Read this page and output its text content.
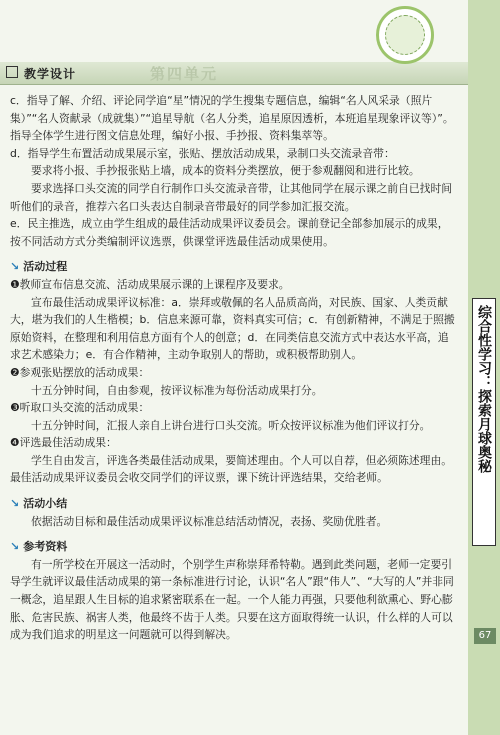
教学设计	第四单元

c．指导了解、介绍、评论同学追“星”情况的学生搜集专题信息，编辑“名人风采录（照片集）”“名人资献录（成就集）”“追星导航（名人分类，追星原因透析，本班追星现象评议等）”。指导全体学生进行图文信息处理，编好小报、手抄报、资料集萃等。

d．指导学生布置活动成果展示室，张贴、摆放活动成果，录制口头交流录音带：

要求将小报、手抄报张贴上墙，成本的资料分类摆放，便于参观翻阅和进行比较。

要求选择口头交流的同学自行制作口头交流录音带，让其他同学在展示课之前自已找时间听他们的录音，推荐六名口头表达自制录音带最好的同学参加汇报交流。

e．民主推选，成立由学生组成的最佳活动成果评议委员会。课前登记全部参加展示的成果，按不同活动方式分类编制评议选票，供课堂评选最佳活动成果使用。

↘ 活动过程

❶教师宣布信息交流、活动成果展示课的上课程序及要求。

宣布最佳活动成果评议标准：a．崇拜或敬佩的名人品质高尚，对民族、国家、人类贡献大，堪为我们的人生楷模；b．信息来源可靠，资料真实可信；c．有创新精神，不满足于照搬原始资料，在整理和利用信息方面有个人的创意；d．在同类信息交流方式中表达水平高，追求艺术感染力；e．有合作精神，主动争取别人的帮助，或积极帮助别人。

❷参观张贴摆放的活动成果：

十五分钟时间，自由参观，按评议标准为每份活动成果打分。

❸听取口头交流的活动成果：

十五分钟时间，汇报人亲自上讲台进行口头交流。听众按评议标准为他们评议打分。

❹评选最佳活动成果：

学生自由发言，评选各类最佳活动成果，要简述理由。个人可以自荐，但必须陈述理由。最佳活动成果评议委员会收交同学们的评议票，课下统计评选结果，交给老师。

↘ 活动小结

依据活动目标和最佳活动成果评议标准总结活动情况，表扬、奖励优胜者。

↘ 参考资料

有一所学校在开展这一活动时，个别学生声称崇拜希特勒。遇到此类问题，老师一定要引导学生就评议最佳活动成果的第一条标准进行讨论，认识“名人”跟“伟人”、“大写的人”并非同一概念，追星跟人生目标的追求紧密联系在一起。一个人能力再强，只要他利欲熏心、野心膨胀、危害民族、祸害人类，他最终不齿于人类。只要在这方面取得统一认识，什么样的人可以成为我们追求的明星这一问题就可以得到解决。

综合性学习：探索月球奥秘
67
